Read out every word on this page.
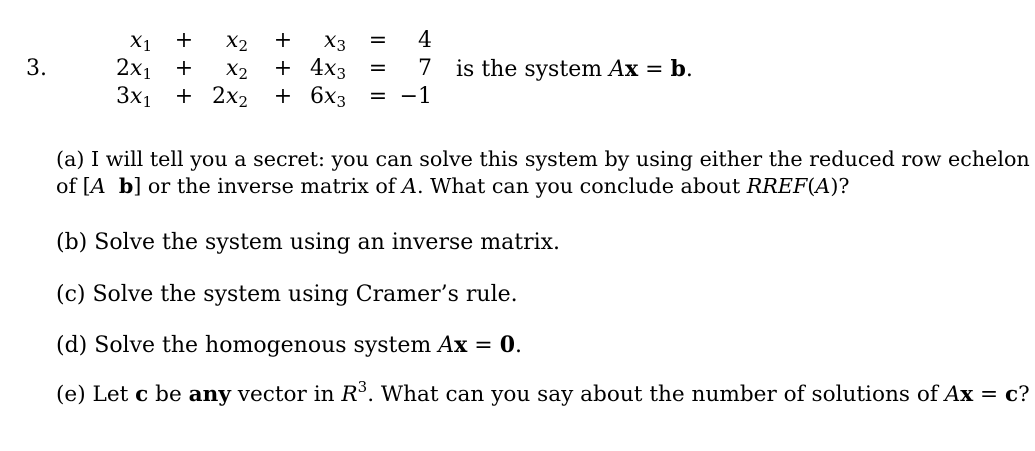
3.
$x_1$ +	$x_2$ +	$x_3$ =	4
$2x_1$ +	$x_2 + 4x_3$ =	7
$3x_1 + 2x_2 + 6x_3 = -1$
is the system Ax = b.
(a) I will tell you a secret: you can solve this system by using either the reduced row echelon
of [A b] or the inverse matrix of A. What can you conclude about RREF(A)?
(b) Solve the system using an inverse matrix.
(c) Solve the system using Cramer’s rule.
(d) Solve the homogenous system Ax = 0.
(e) Let c be any vector in $R^3$. What can you say about the number of solutions of Ax = c?
